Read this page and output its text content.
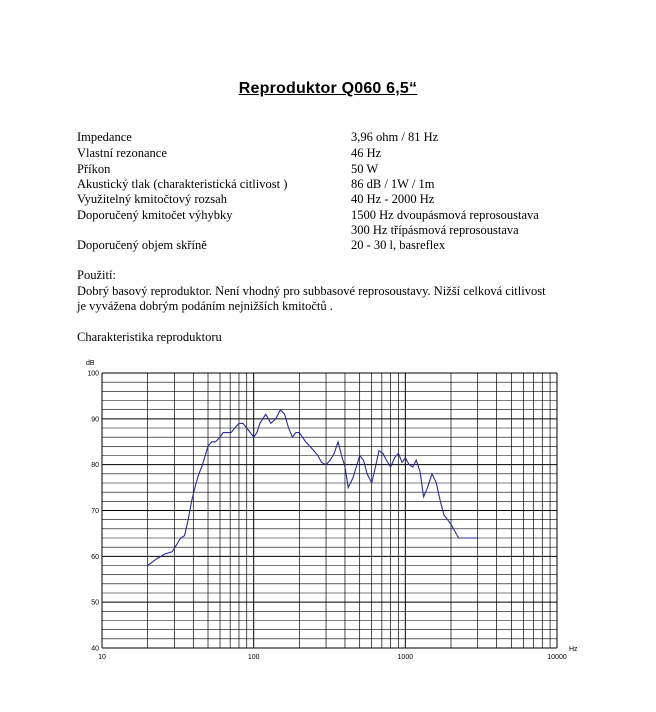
Reproduktor Q060 6,5“
Impedance	3,96 ohm / 81 Hz
Vlastní rezonance	46 Hz
Příkon	50 W
Akustický tlak (charakteristická citlivost )	86 dB / 1W / 1m
Využitelný kmitočtový rozsah	40 Hz - 2000 Hz
Doporučený kmitočet výhybky	1500 Hz dvoupásmová reprosoustava
300 Hz třípásmová reprosoustava
Doporučený objem skříně	20 - 30 l, basreflex
Použití:
Dobrý basový reproduktor. Není vhodný pro subbasové reprosoustavy. Nižší celková citlivost
je vyvážena dobrým podáním nejnižších kmitočtů .
Charakteristika reproduktoru
40
50
60
70
80
90
100
10	100	1000	10000
dB
Hz
